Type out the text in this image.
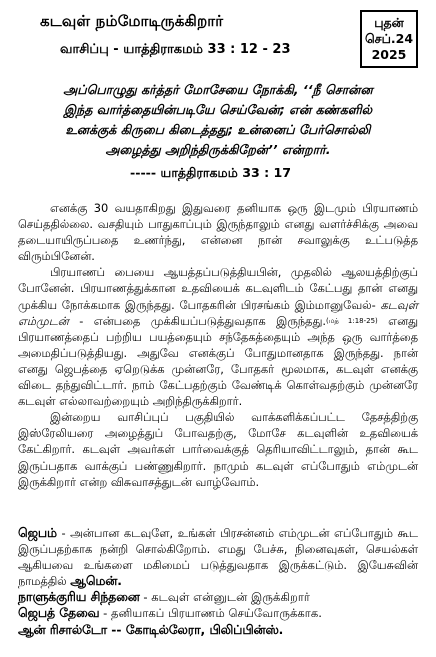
கடவுள் நம்மோடிருக்கிறார்
வாசிப்பு - யாத்திராகமம் 33 : 12 - 23
புதன்
செப்.24
2025
அப்பொழுது கர்த்தர் மோசேயை நோக்கி, ‘‘நீ சொன்ன
இந்த வார்த்தையின்படியே செய்வேன்; என் கண்களில்
உனக்குக் கிருபை கிடைத்தது; உன்னைப் பேர்சொல்லி
அழைத்து அறிந்திருக்கிறேன்’’ என்றார்.
----- யாத்திராகமம் 33 : 17

எனக்கு 30 வயதாகிறது இதுவரை தனியாக ஒரு இடமும் பிரயாணம் செய்ததில்லை. வசதியும் பாதுகாப்பும் இருந்தாலும் எனது வளர்ச்சிக்கு அவை தடையாயிருப்பதை உணர்ந்து, என்னை நான் சவாலுக்கு உட்படுத்த விரும்பினேன்.

பிரயாணப் பையை ஆயத்தப்படுத்தியபின், முதலில் ஆலயத்திற்குப் போனேன். பிரயாணத்துக்கான உதவியைக் கடவுளிடம் கேட்பது தான் எனது முக்கிய நோக்கமாக இருந்தது. போதகரின் பிரசங்கம் இம்மானுவேல்- கடவுள் எம்முடன் - என்பதை முக்கியப்படுத்துவதாக இருந்தது.(மத் 1:18-25) எனது பிரயாணத்தைப் பற்றிய பயத்தையும் சந்தேகத்தையும் அந்த ஒரு வார்த்தை அமைதிப்படுத்தியது. அதுவே எனக்குப் போதுமானதாக இருந்தது. நான் எனது ஜெபத்தை ஏறெடுக்க முன்னரே, போதகர் மூலமாக, கடவுள் எனக்கு விடை தந்துவிட்டார். நாம் கேட்பதற்கும் வேண்டிக் கொள்வதற்கும் முன்னரே கடவுள் எல்லாவற்றையும் அறிந்திருக்கிறார்.

இன்றைய வாசிப்புப் பகுதியில் வாக்களிக்கப்பட்ட தேசத்திற்கு இஸ்ரேலியரை அழைத்துப் போவதற்கு, மோசே கடவுளின் உதவியைக் கேட்கிறார். கடவுள் அவர்கள் பார்வைக்குத் தெரியாவிட்டாலும், தான் கூட இருப்பதாக வாக்குப் பண்ணுகிறார். நாமும் கடவுள் எப்போதும் எம்முடன் இருக்கிறார் என்ற விசுவாசத்துடன் வாழ்வோம்.

ஜெபம் - அன்பான கடவுளே, உங்கள் பிரசன்னம் எம்முடன் எப்போதும் கூட இருப்பதற்காக நன்றி சொல்கிறோம். எமது பேச்சு, நினைவுகள், செயல்கள் ஆகியவை உங்களை மகிமைப் படுத்துவதாக இருக்கட்டும். இயேசுவின் நாமத்தில் ஆமென்.
நாளுக்குரிய சிந்தனை - கடவுள் என்னுடன் இருக்கிறார்
ஜெபத் தேவை - தனியாகப் பிரயாணம் செய்வோருக்காக.
ஆன் ரிசால்டோ -- கோடில்லேரா, பிலிப்பின்ஸ்.
